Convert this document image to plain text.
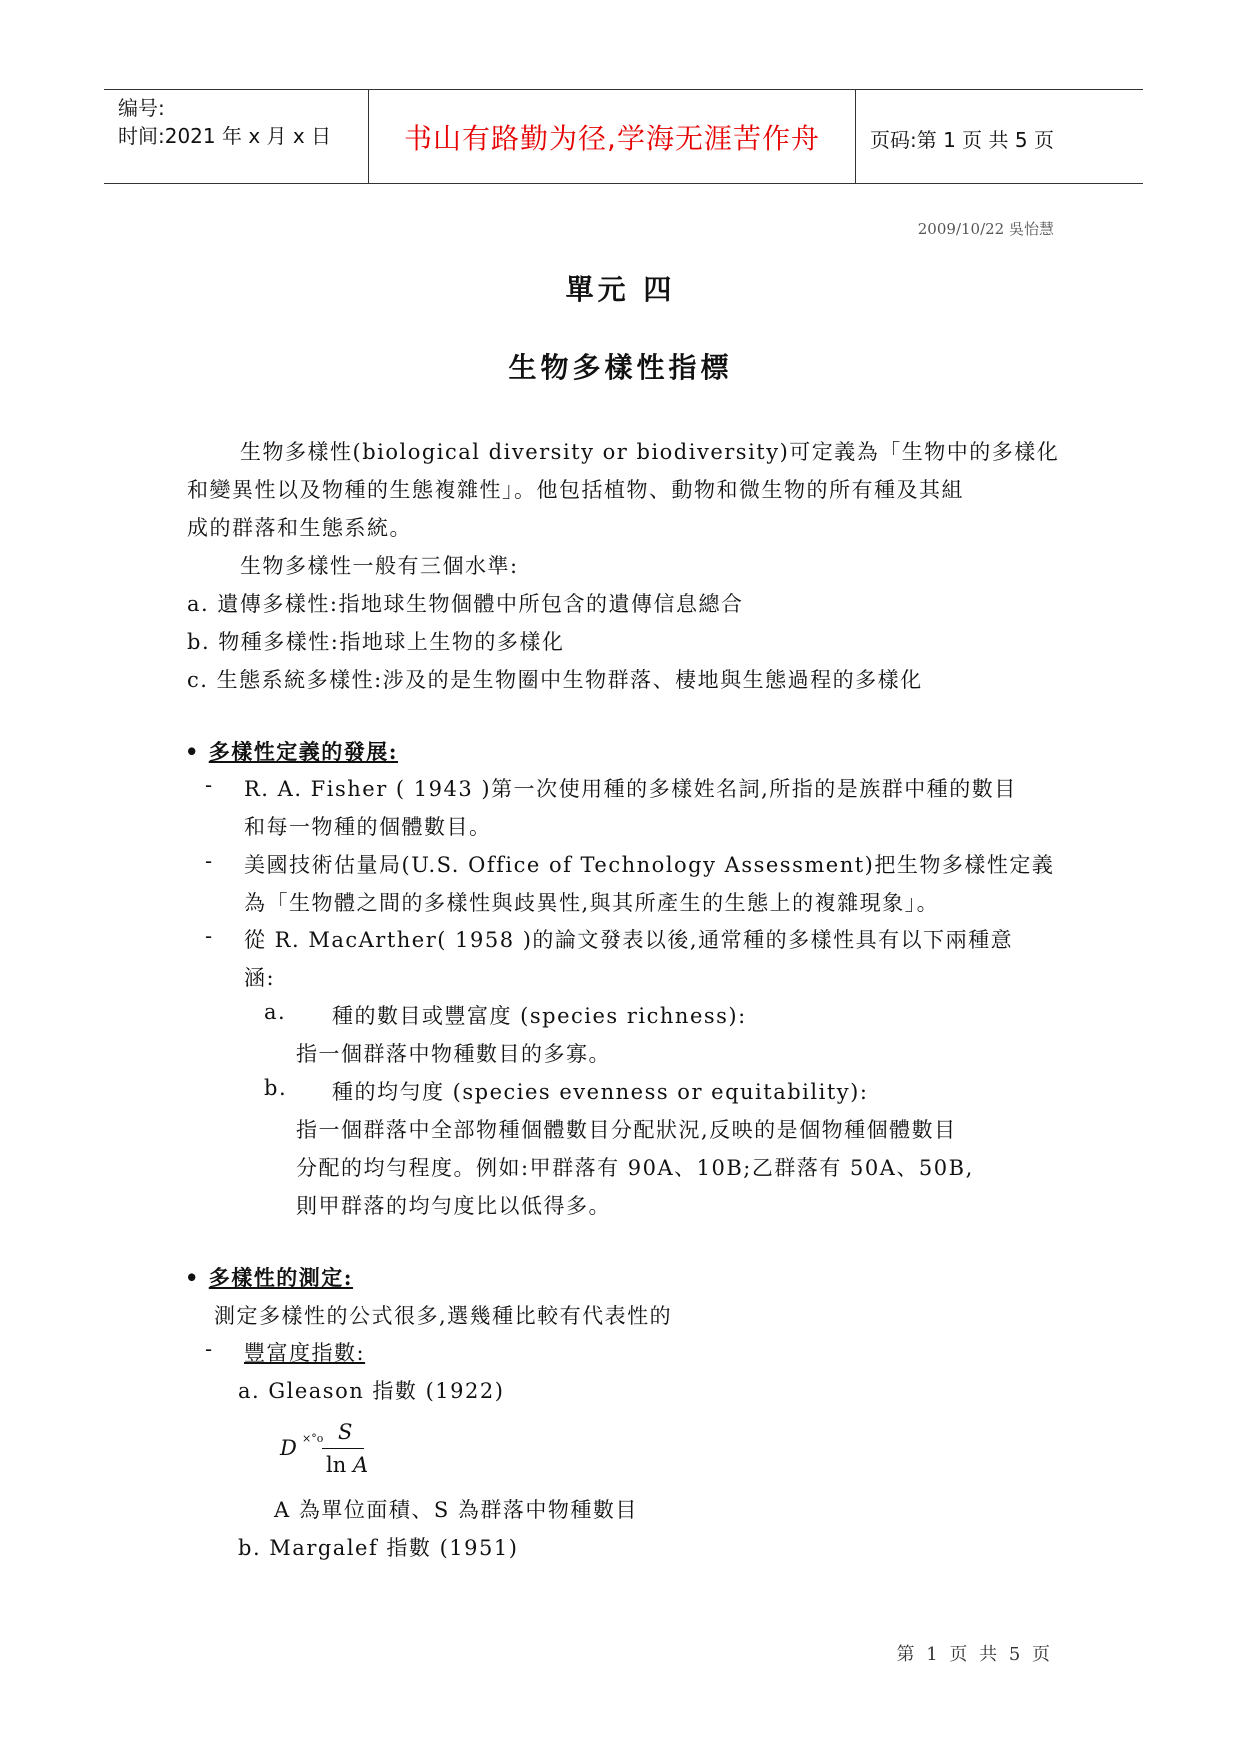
编号:
时间:2021 年 x 月 x 日	书山有路勤为径,学海无涯苦作舟	页码:第 1 页 共 5 页
2009/10/22 吳怡慧
單元 四
生物多樣性指標
生物多樣性(biological diversity or biodiversity)可定義為「生物中的多樣化
和變異性以及物種的生態複雜性」。他包括植物、動物和微生物的所有種及其組
成的群落和生態系統。
生物多樣性一般有三個水準:
a. 遺傳多樣性:指地球生物個體中所包含的遺傳信息總合
b. 物種多樣性:指地球上生物的多樣化
c. 生態系統多樣性:涉及的是生物圈中生物群落、棲地與生態過程的多樣化
• 多樣性定義的發展:
- R. A. Fisher ( 1943 )第一次使用種的多樣姓名詞,所指的是族群中種的數目
和每一物種的個體數目。
- 美國技術估量局(U.S. Office of Technology Assessment)把生物多樣性定義
為「生物體之間的多樣性與歧異性,與其所產生的生態上的複雜現象」。
- 從 R. MacArther( 1958 )的論文發表以後,通常種的多樣性具有以下兩種意
涵:
a. 種的數目或豐富度 (species richness):
指一個群落中物種數目的多寡。
b. 種的均勻度 (species evenness or equitability):
指一個群落中全部物種個體數目分配狀況,反映的是個物種個體數目
分配的均勻程度。例如:甲群落有 90A、10B;乙群落有 50A、50B,
則甲群落的均勻度比以低得多。
• 多樣性的測定:
測定多樣性的公式很多,選幾種比較有代表性的
- 豐富度指數:
a. Gleason 指數 (1922)
D ×°o S
ln A
A 為單位面積、S 為群落中物種數目
b. Margalef 指數 (1951)
第 1 页 共 5 页
